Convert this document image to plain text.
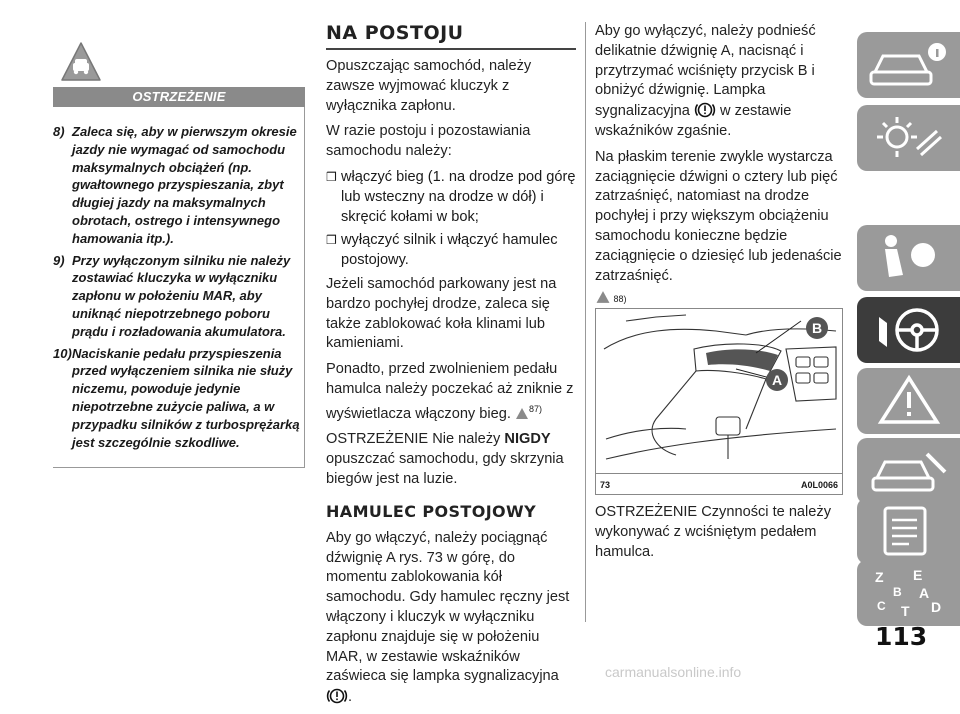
OSTRZEŻENIE
8) Zaleca się, aby w pierwszym okresie jazdy nie wymagać od samochodu maksymalnych obciążeń (np. gwałtownego przyspieszania, zbyt długiej jazdy na maksymalnych obrotach, ostrego i intensywnego hamowania itp.).
9) Przy wyłączonym silniku nie należy zostawiać kluczyka w wyłączniku zapłonu w położeniu MAR, aby uniknąć niepotrzebnego poboru prądu i rozładowania akumulatora.
10)Naciskanie pedału przyspieszenia przed wyłączeniem silnika nie służy niczemu, powoduje jedynie niepotrzebne zużycie paliwa, a w przypadku silników z turbosprężarką jest szczególnie szkodliwe.
NA POSTOJU

Opuszczając samochód, należy zawsze wyjmować kluczyk z wyłącznika zapłonu.

W razie postoju i pozostawiania samochodu należy:

❒ włączyć bieg (1. na drodze pod górę lub wsteczny na drodze w dół) i skręcić kołami w bok;
❒ wyłączyć silnik i włączyć hamulec postojowy.

Jeżeli samochód parkowany jest na bardzo pochyłej drodze, zaleca się także zablokować koła klinami lub kamieniami.

Ponadto, przed zwolnieniem pedału hamulca należy poczekać aż zniknie z wyświetlacza włączony bieg. $^{87)}$

OSTRZEŻENIE Nie należy NIGDY opuszczać samochodu, gdy skrzynia biegów jest na luzie.

HAMULEC POSTOJOWY

Aby go włączyć, należy pociągnąć dźwignię A rys. 73 w górę, do momentu zablokowania kół samochodu. Gdy hamulec ręczny jest włączony i kluczyk w wyłączniku zapłonu znajduje się w położeniu MAR, w zestawie wskaźników zaświeca się lampka sygnalizacyjna .

Aby go wyłączyć, należy podnieść delikatnie dźwignię A, nacisnąć i przytrzymać wciśnięty przycisk B i obniżyć dźwignię. Lampka sygnalizacyjna w zestawie wskaźników zgaśnie.

Na płaskim terenie zwykle wystarcza zaciągnięcie dźwigni o cztery lub pięć zatrzaśnięć, natomiast na drodze pochyłej i przy większym obciążeniu samochodu konieczne będzie zaciągnięcie o dziesięć lub jedenaście zatrzaśnięć.

88)
B
A
73	A0L0066

OSTRZEŻENIE Czynności te należy wykonywać z wciśniętym pedałem hamulca.

Z E
B A
C T D
113
carmanualsonline.info
